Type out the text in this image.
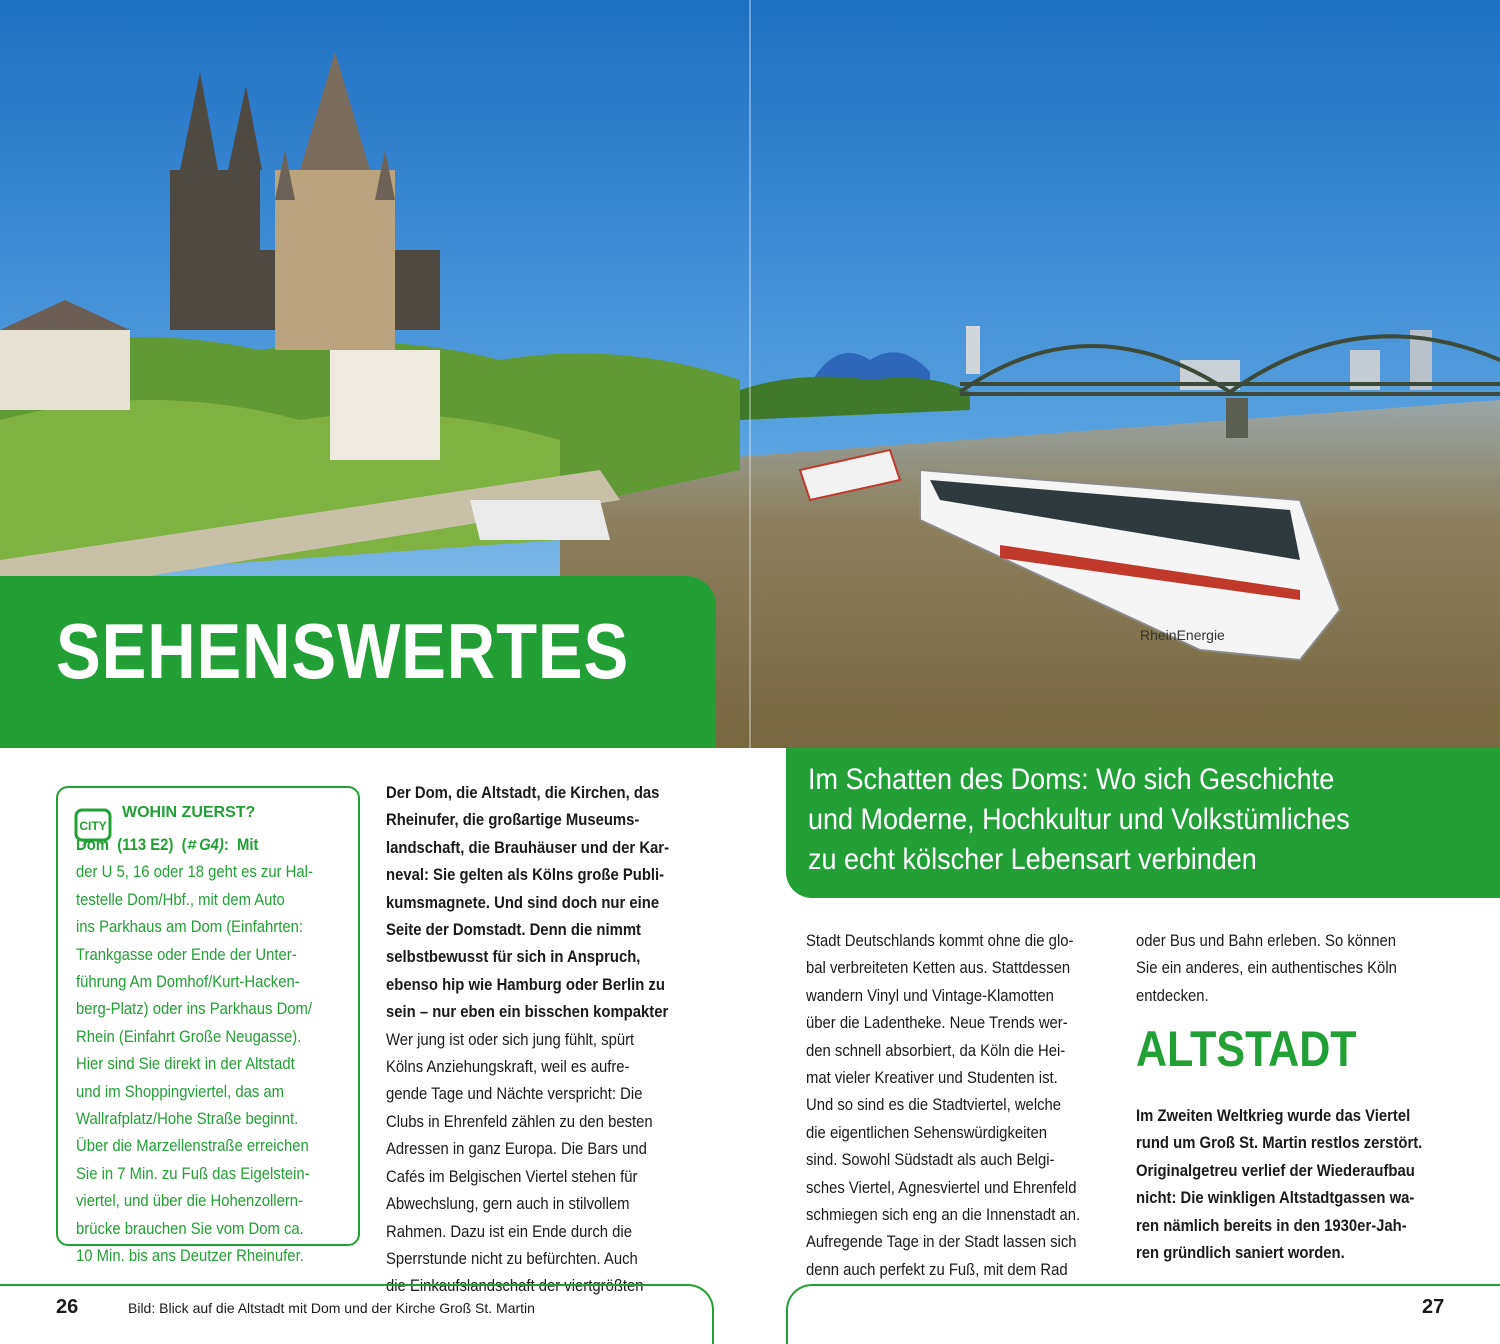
RheinEnergie
SEHENSWERTES

Im Schatten des Doms: Wo sich Geschichte
und Moderne, Hochkultur und Volkstümliches
zu echt kölscher Lebensart verbinden

CITY
WOHIN ZUERST?
Dom  (113 E2)  (⌗ G4):  Mit
der U 5, 16 oder 18 geht es zur Hal-
testelle Dom/Hbf., mit dem Auto
ins Parkhaus am Dom (Einfahrten:
Trankgasse oder Ende der Unter-
führung Am Domhof/Kurt-Hacken-
berg-Platz) oder ins Parkhaus Dom/
Rhein (Einfahrt Große Neugasse).
Hier sind Sie direkt in der Altstadt
und im Shoppingviertel, das am
Wallrafplatz/Hohe Straße beginnt.
Über die Marzellenstraße erreichen
Sie in 7 Min. zu Fuß das Eigelstein-
viertel, und über die Hohenzollern-
brücke brauchen Sie vom Dom ca.
10 Min. bis ans Deutzer Rheinufer.
Der Dom, die Altstadt, die Kirchen, das
Rheinufer, die großartige Museums-
landschaft, die Brauhäuser und der Kar-
neval: Sie gelten als Kölns große Publi-
kumsmagnete. Und sind doch nur eine
Seite der Domstadt. Denn die nimmt
selbstbewusst für sich in Anspruch,
ebenso hip wie Hamburg oder Berlin zu
sein – nur eben ein bisschen kompakter
Wer jung ist oder sich jung fühlt, spürt
Kölns Anziehungskraft, weil es aufre-
gende Tage und Nächte verspricht: Die
Clubs in Ehrenfeld zählen zu den besten
Adressen in ganz Europa. Die Bars und
Cafés im Belgischen Viertel stehen für
Abwechslung, gern auch in stilvollem
Rahmen. Dazu ist ein Ende durch die
Sperrstunde nicht zu befürchten. Auch
die Einkaufslandschaft der viertgrößten
Stadt Deutschlands kommt ohne die glo-
bal verbreiteten Ketten aus. Stattdessen
wandern Vinyl und Vintage-Klamotten
über die Ladentheke. Neue Trends wer-
den schnell absorbiert, da Köln die Hei-
mat vieler Kreativer und Studenten ist.
Und so sind es die Stadtviertel, welche
die eigentlichen Sehenswürdigkeiten
sind. Sowohl Südstadt als auch Belgi-
sches Viertel, Agnesviertel und Ehrenfeld
schmiegen sich eng an die Innenstadt an.
Aufregende Tage in der Stadt lassen sich
denn auch perfekt zu Fuß, mit dem Rad
oder Bus und Bahn erleben. So können
Sie ein anderes, ein authentisches Köln
entdecken.
ALTSTADT
Im Zweiten Weltkrieg wurde das Viertel
rund um Groß St. Martin restlos zerstört.
Originalgetreu verlief der Wiederaufbau
nicht: Die winkligen Altstadtgassen wa-
ren nämlich bereits in den 1930er-Jah-
ren gründlich saniert worden.
26	Bild: Blick auf die Altstadt mit Dom und der Kirche Groß St. Martin	27
